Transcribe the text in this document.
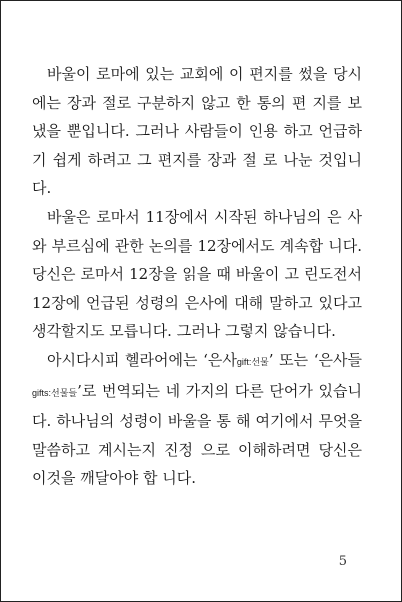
바울이 로마에 있는 교회에 이 편지를 썼을 당시에는 장과 절로 구분하지 않고 한 통의 편 지를 보냈을 뿐입니다. 그러나 사람들이 인용 하고 언급하기 쉽게 하려고 그 편지를 장과 절 로 나눈 것입니다.

바울은 로마서 11장에서 시작된 하나님의 은 사와 부르심에 관한 논의를 12장에서도 계속합 니다. 당신은 로마서 12장을 읽을 때 바울이 고 린도전서 12장에 언급된 성령의 은사에 대해 말하고 있다고 생각할지도 모릅니다. 그러나 그렇지 않습니다.

아시다시피 헬라어에는 ‘은사gift:선물’ 또는 ‘은사들gifts:선물들’로 번역되는 네 가지의 다른 단어가 있습니다. 하나님의 성령이 바울을 통 해 여기에서 무엇을 말씀하고 계시는지 진정 으로 이해하려면 당신은 이것을 깨달아야 합 니다.

5
